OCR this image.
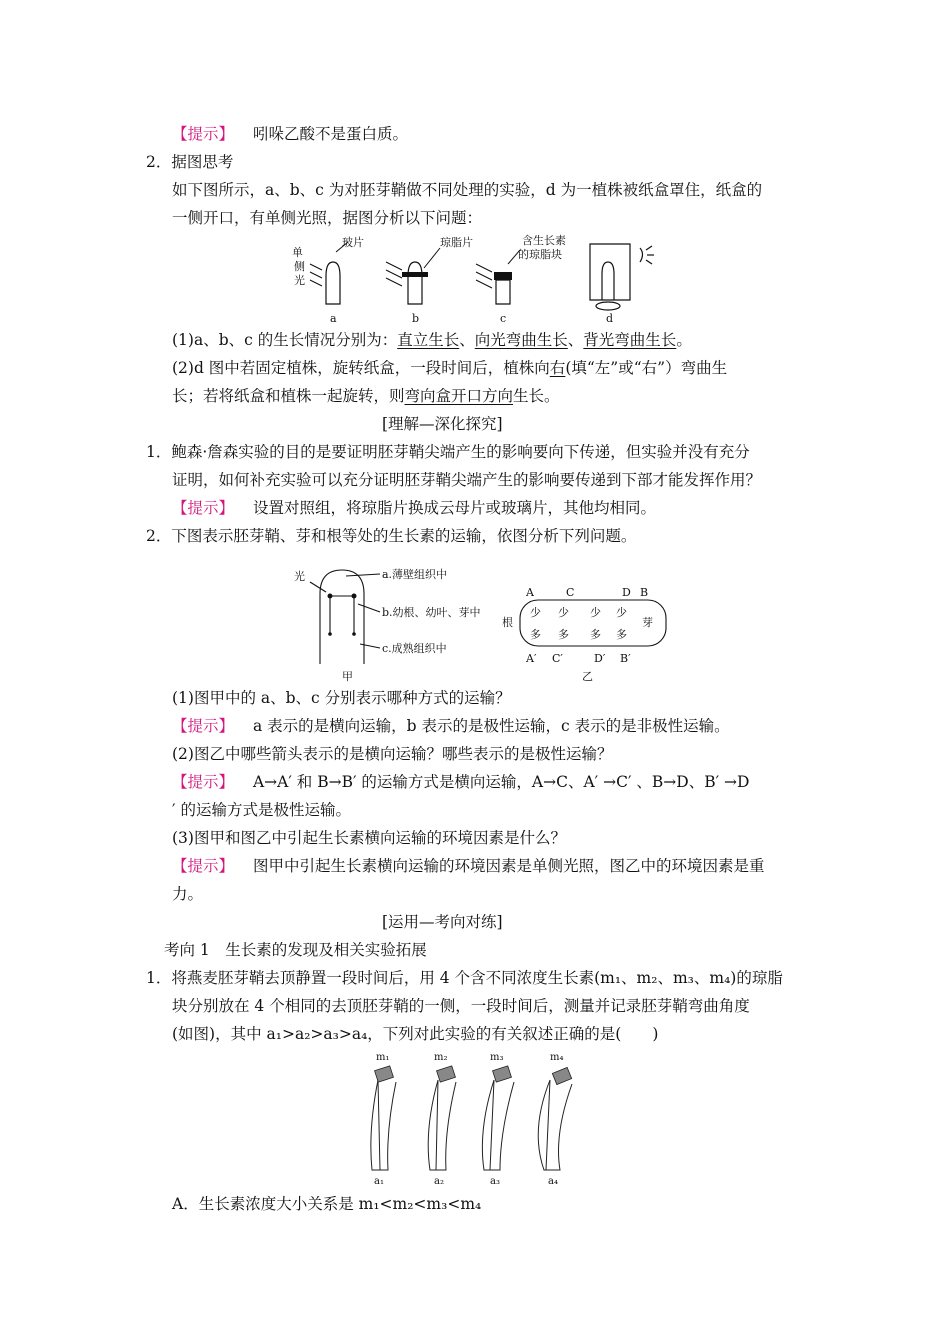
【提示】 吲哚乙酸不是蛋白质。
2．据图思考
如下图所示，a、b、c 为对胚芽鞘做不同处理的实验，d 为一植株被纸盒罩住，纸盒的
一侧开口，有单侧光照，据图分析以下问题：
单
侧
光
玻片	琼脂片	含生长素
的琼脂块
a	b	c	d
(1)a、b、c 的生长情况分别为：直立生长、向光弯曲生长、背光弯曲生长。
(2)d 图中若固定植株，旋转纸盒，一段时间后，植株向右(填“左”或“右”）弯曲生
长；若将纸盒和植株一起旋转，则弯向盒开口方向生长。
[理解—深化探究]
1．鲍森·詹森实验的目的是要证明胚芽鞘尖端产生的影响要向下传递，但实验并没有充分
证明，如何补充实验可以充分证明胚芽鞘尖端产生的影响要传递到下部才能发挥作用？
【提示】 设置对照组，将琼脂片换成云母片或玻璃片，其他均相同。
2．下图表示胚芽鞘、芽和根等处的生长素的运输，依图分析下列问题。
光	a.薄壁组织中
b.幼根、幼叶、芽中
c.成熟组织中
甲	乙
A	C	D B
A′ C′	D′ B′
根	芽
少 少 少 少
多 多 多 多
(1)图甲中的 a、b、c 分别表示哪种方式的运输？
【提示】 a 表示的是横向运输，b 表示的是极性运输，c 表示的是非极性运输。
(2)图乙中哪些箭头表示的是横向运输？哪些表示的是极性运输？
【提示】 A→A′ 和 B→B′ 的运输方式是横向运输，A→C、A′ →C′ 、B→D、B′ →D
′ 的运输方式是极性运输。
(3)图甲和图乙中引起生长素横向运输的环境因素是什么？
【提示】 图甲中引起生长素横向运输的环境因素是单侧光照，图乙中的环境因素是重
力。
[运用—考向对练]
考向 1　生长素的发现及相关实验拓展
1．将燕麦胚芽鞘去顶静置一段时间后，用 4 个含不同浓度生长素(m₁、m₂、m₃、m₄)的琼脂
块分别放在 4 个相同的去顶胚芽鞘的一侧，一段时间后，测量并记录胚芽鞘弯曲角度
(如图)，其中 a₁>a₂>a₃>a₄，下列对此实验的有关叙述正确的是(　　)
m₁	m₂	m₃	m₄
a₁	a₂	a₃	a₄
A．生长素浓度大小关系是 m₁<m₂<m₃<m₄
